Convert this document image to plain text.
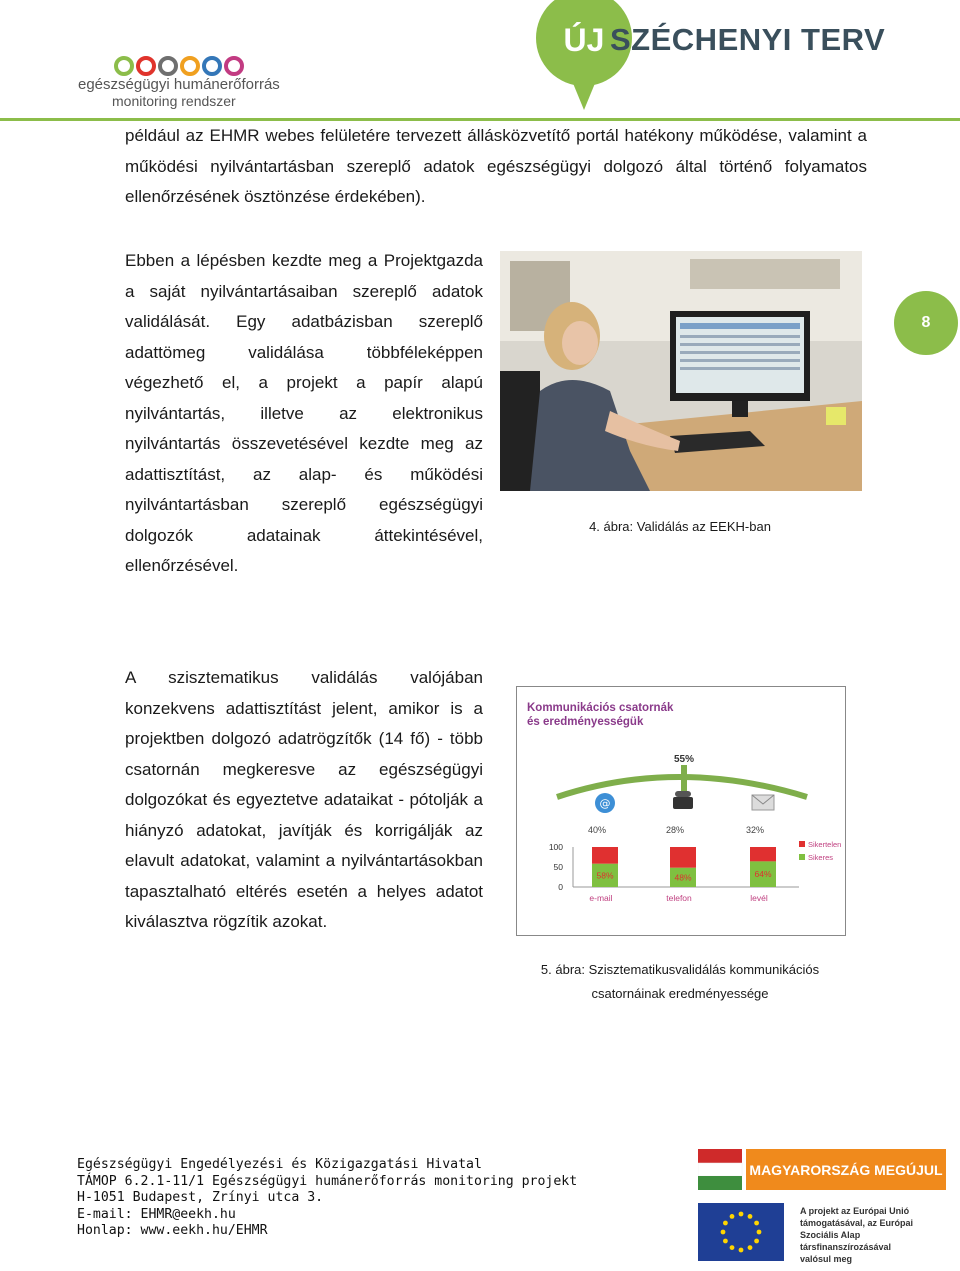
egészségügyi humánerőforrás
monitoring rendszer
ÚJ SZÉCHENYI TERV
8
például az EHMR webes felületére tervezett állásközvetítő portál hatékony működése, valamint a működési nyilvántartásban szereplő adatok egészségügyi dolgozó által történő folyamatos ellenőrzésének ösztönzése érdekében).
Ebben a lépésben kezdte meg a Projektgazda a saját nyilvántartásaiban szereplő adatok validálását. Egy adatbázisban szereplő adattömeg validálása többféleképpen végezhető el, a projekt a papír alapú nyilvántartás, illetve az elektronikus nyilvántartás összevetésével kezdte meg az adattisztítást, az alap- és működési nyilvántartásban szereplő egészségügyi dolgozók adatainak áttekintésével, ellenőrzésével.
A szisztematikus validálás valójában konzekvens adattisztítást jelent, amikor is a projektben dolgozó adatrögzítők (14 fő) - több csatornán megkeresve az egészségügyi dolgozókat és egyeztetve adataikat - pótolják a hiányzó adatokat, javítják és korrigálják az elavult adatokat, valamint a nyilvántartásokban tapasztalható eltérés esetén a helyes adatot kiválasztva rögzítik azokat.
4. ábra: Validálás az EEKH-ban
Kommunikációs csatornák
és eredményességük
55%
@
40%	28%	32%
100
50
0
58%
e-mail
48%
telefon
64%
levél
Sikertelen
Sikeres
5. ábra: Szisztematikusvalidálás kommunikációs
csatornáinak eredményessége
Egészségügyi Engedélyezési és Közigazgatási Hivatal
TÁMOP 6.2.1-11/1 Egészségügyi humánerőforrás monitoring projekt
H-1051 Budapest, Zrínyi utca 3.
E-mail: EHMR@eekh.hu
Honlap: www.eekh.hu/EHMR
MAGYARORSZÁG MEGÚJUL
A projekt az Európai Unió
támogatásával, az Európai
Szociális Alap
társfinanszírozásával
valósul meg
